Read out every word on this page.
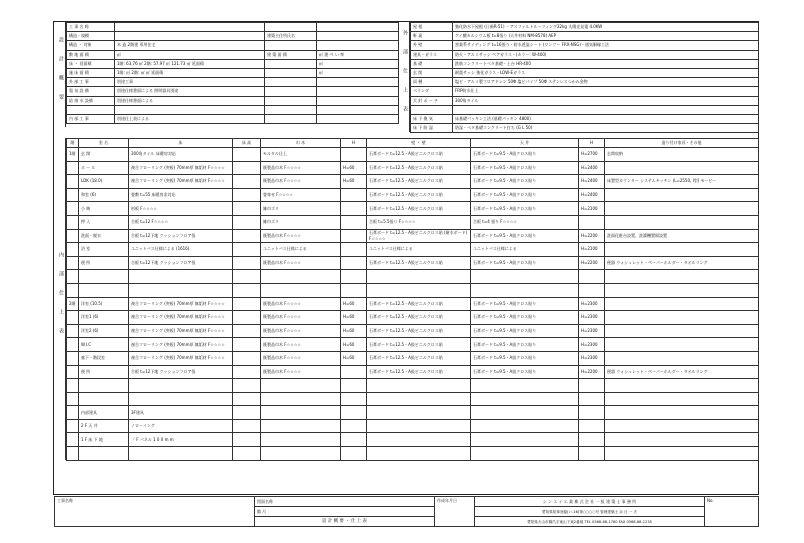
設計概要
工 事 名 称			
構造・規模		建築主住所氏名	
構造 ・ 対象	木 造 2階建 専用住宅		
敷 地 面 積	㎡	建 築 面 積	㎡ 建 ぺ い 率
床 ・ 延面積	1階: 63.76 ㎡ 2階: 57.97 ㎡ 121.73 ㎡ 延面積		㎡
施 床 面 積	1階: ㎡ 2階: ㎡ ㎡ 延面積		㎡
外 部 工 事	別途工事		
電 気 設 備	別途仕様書面による 照明器具別途		
給 排 水 設備	別途仕様書面による		

内 部 工 事	別途仕上表による			外部仕上表
屋 根	強化防水下屋根 (日新R-51) ・アスファルトルーフィング22kg 太陽光発電 4.0KW
軒 裏	ケイ酸カルシウム板 t=8張り (天井材料 NM-8578) AEP
外 壁	窯業系サイディング t=16張り・防水透湿シート (ワンツー FRX-NSG)・通気胴縁工法
建具・ガラス	防火・アルミサッシ ペアガラス・(カラー: W-400)
基 礎	鉄筋コンクリートベタ基礎・土台 HR-400
玄 関	耐震サッシ 強化ガラス・LOW-Eガラス
雨 樋	塩ビ・アルミ製フロアドレン 50Φ 塩ビパイプ 50Φ ステンレスつかみ金物
ベランダ	FRP防水仕上
犬 釘 ポ ー チ	300角タイル

床 下 換 気	床基礎パッキン工法 (基礎パッキン 4800)
床 下 防 湿	防湿・ベタ基礎コンクリート打ち (G L 50)
内部仕上表
階	室 名	床	床 高	巾 木	H	壁 ・ 壁	天 井	H	造り付け家具・その他
1階	玄 関	300角タイル 床暖房対応		モルタル仕上		石膏ボード t=12.5・A級ビニルクロス貼	石膏ボード t=9.5・A級クロス貼り	H=2700	玄関収納
	ホ ー ル	複合フローリング (突板) 70mm厚 無垢材 F☆☆☆☆		既製品巾木 F☆☆☆☆	H=60	石膏ボード t=12.5・A級ビニルクロス貼	石膏ボード t=9.5・A級クロス貼り	H=2400	
	LDK (18.0)	複合フローリング (突板) 70mm厚 無垢材 F☆☆☆☆		既製品巾木 F☆☆☆☆	H=60	石膏ボード t=12.5・A級ビニルクロス貼	石膏ボード t=9.5・A級クロス貼り	H=2400	床置型カウンター システムキッチン (L=2550, I型) モービー
	和室 (6)	畳敷 t=55 床暖房非対応		畳寄せ F☆☆☆☆		石膏ボード t=12.5・A級ビニルクロス貼	石膏ボード t=9.5・A級クロス貼り	H=2400	
	小 納	杉板 F☆☆☆☆		雑巾ズリ		石膏ボード t=12.5・A級ビニルクロス貼	石膏ボード t=9.5・A級クロス貼り	H=2100	
	押 入	合板 t=12 F☆☆☆☆		雑巾ズリ		合板 t=5.5張り F☆☆☆☆	合板 t=4 張り F☆☆☆☆		
	洗面・脱衣	合板 t=12下地 クッションフロア張		既製品巾木 F☆☆☆☆		石膏ボード t=12.5・A級ビニルクロス貼 (耐水ボード) F☆☆☆☆	石膏ボード t=9.5・A級クロス貼り	H=2200	洗面化粧台設置、洗濯機置場設置
	浴 室	ユニットバス仕様による (1616)		ユニットバス仕様による		ユニットバス仕様による	ユニットバス仕様による	H=2100	
	便 所	合板 t=12下地 クッションフロア張		既製品巾木 F☆☆☆☆		石膏ボード t=12.5・A級ビニルクロス貼	石膏ボード t=9.5・A級クロス貼り	H=2200	便器 ウォシュレット・ペーパーホルダー・タオルリング

2階	洋室 (10.5)	複合フローリング (突板) 70mm厚 無垢材 F☆☆☆☆		既製品巾木 F☆☆☆☆	H=60	石膏ボード t=12.5・A級ビニルクロス貼	石膏ボード t=9.5・A級クロス貼り	H=2300	
	洋室1 (6)	複合フローリング (突板) 70mm厚 無垢材 F☆☆☆☆		既製品巾木 F☆☆☆☆	H=60	石膏ボード t=12.5・A級ビニルクロス貼	石膏ボード t=9.5・A級クロス貼り	H=2300	
	洋室2 (6)	複合フローリング (突板) 70mm厚 無垢材 F☆☆☆☆		既製品巾木 F☆☆☆☆	H=60	石膏ボード t=12.5・A級ビニルクロス貼	石膏ボード t=9.5・A級クロス貼り	H=2300	
	W.I.C	複合フローリング (突板) 70mm厚 無垢材 F☆☆☆☆		既製品巾木 F☆☆☆☆	H=60	石膏ボード t=12.5・A級ビニルクロス貼	石膏ボード t=9.5・A級クロス貼り	H=2300	
	廊下・階段室	複合フローリング (突板) 70mm厚 無垢材 F☆☆☆☆		既製品巾木 F☆☆☆☆	H=60	石膏ボード t=12.5・A級ビニルクロス貼	石膏ボード t=9.5・A級クロス貼り	H=2300	
	便 所	合板 t=12下地 クッションフロア張		既製品巾木 F☆☆☆☆		石膏ボード t=12.5・A級ビニルクロス貼	石膏ボード t=9.5・A級クロス貼り	H=2200	便器 ウォシュレット・ペーパーホルダー・タオルリング

	内部建具	3F建具							
	2 F 天 井	ノローイング							
	1 F 床 下 地	「 F パネル 1 0 0 m m							

工事名称	図面名称	作成年月日	シ ン エ イ エ 業 株 式 会 社 一 級 建 築 士 事 務 所	No.
	縮 尺		愛知県知事登録(い-16)第○○○○号 管理建築士 余 日 一 夫	
	設 計 概 要 ・ 仕 上 表		愛知県犬山市橋爪字東山下東2番地 TEL 0568-68-1760 FAX 0568-68-1235	
